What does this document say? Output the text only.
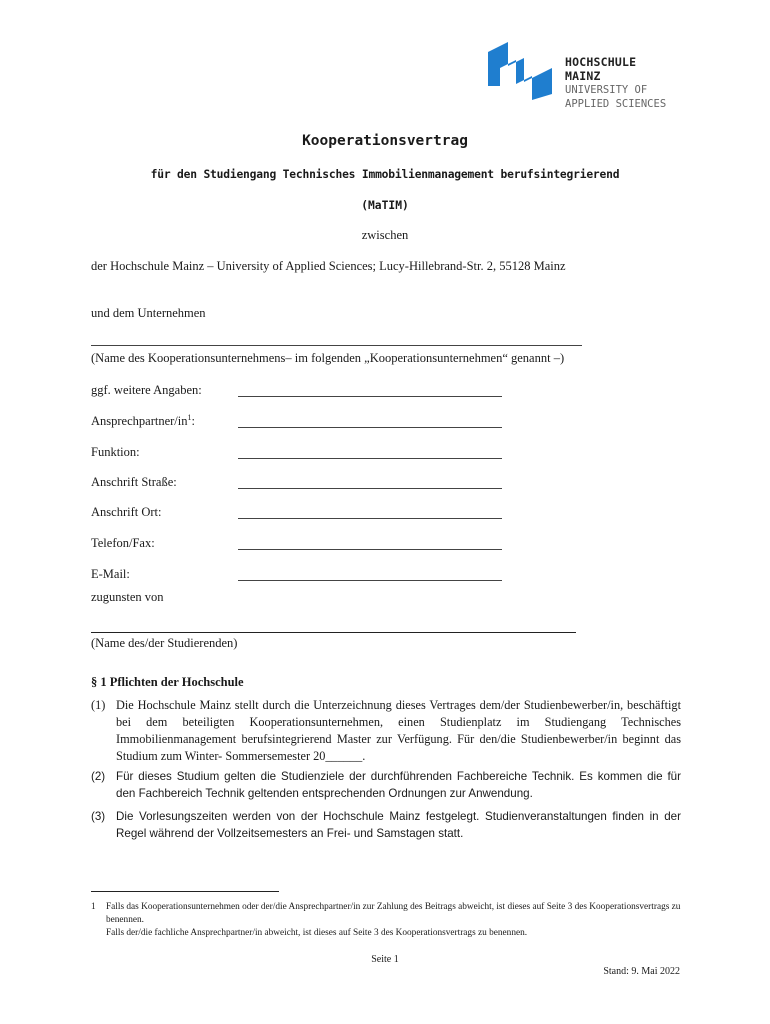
HOCHSCHULE MAINZ
UNIVERSITY OF
APPLIED SCIENCES
Kooperationsvertrag
für den Studiengang Technisches Immobilienmanagement berufsintegrierend
(MaTIM)
zwischen
der Hochschule Mainz – University of Applied Sciences; Lucy-Hillebrand-Str. 2, 55128 Mainz
und dem Unternehmen
(Name des Kooperationsunternehmens– im folgenden „Kooperationsunternehmen“ genannt –)
ggf. weitere Angaben:
Ansprechpartner/$in^1$:
Funktion:
Anschrift Straße:
Anschrift Ort:
Telefon/Fax:
E-Mail:
zugunsten von
(Name des/der Studierenden)
§ 1 Pflichten der Hochschule
(1) Die Hochschule Mainz stellt durch die Unterzeichnung dieses Vertrages dem/der Studienbewerber/in, beschäftigt bei dem beteiligten Kooperationsunternehmen, einen Studienplatz im Studiengang Technisches Immobilienmanagement berufsintegrierend Master zur Verfügung. Für den/die Studienbewerber/in beginnt das Studium zum Winter- Sommersemester 20______.
(2) Für dieses Studium gelten die Studienziele der durchführenden Fachbereiche Technik. Es kommen die für den Fachbereich Technik geltenden entsprechenden Ordnungen zur Anwendung.
(3) Die Vorlesungszeiten werden von der Hochschule Mainz festgelegt. Studienveranstaltungen finden in der Regel während der Vollzeitsemesters an Frei- und Samstagen statt.
1 Falls das Kooperationsunternehmen oder der/die Ansprechpartner/in zur Zahlung des Beitrags abweicht, ist dieses auf Seite 3 des Kooperationsvertrags zu benennen.
Falls der/die fachliche Ansprechpartner/in abweicht, ist dieses auf Seite 3 des Kooperationsvertrags zu benennen.
Seite 1
Stand: 9. Mai 2022
